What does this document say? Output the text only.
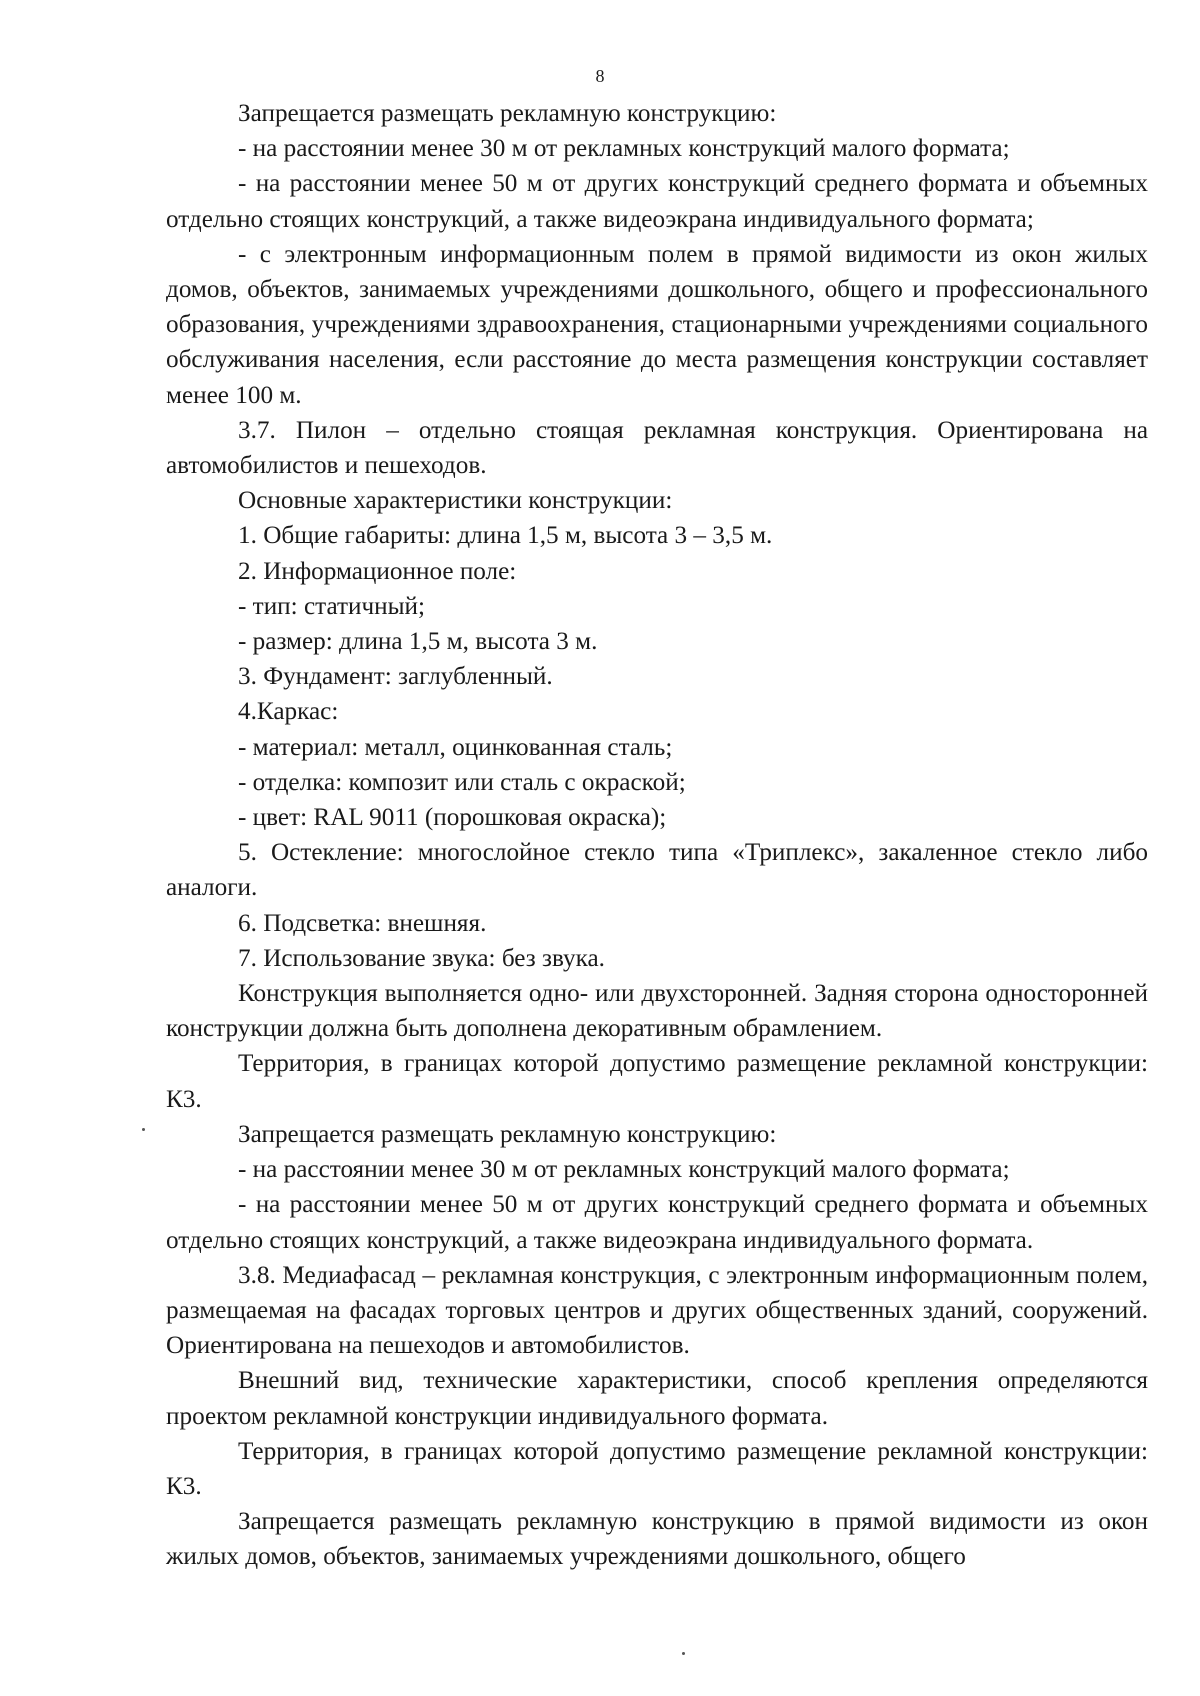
8

Запрещается размещать рекламную конструкцию:

- на расстоянии менее 30 м от рекламных конструкций малого формата;

- на расстоянии менее 50 м от других конструкций среднего формата и объемных отдельно стоящих конструкций, а также видеоэкрана индивидуального формата;

- с электронным информационным полем в прямой видимости из окон жилых домов, объектов, занимаемых учреждениями дошкольного, общего и профессионального образования, учреждениями здравоохранения, стационарными учреждениями социального обслуживания населения, если расстояние до места размещения конструкции составляет менее 100 м.

3.7. Пилон – отдельно стоящая рекламная конструкция. Ориентирована на автомобилистов и пешеходов.

Основные характеристики конструкции:

1. Общие габариты: длина 1,5 м, высота 3 – 3,5 м.

2. Информационное поле:

- тип: статичный;

- размер: длина 1,5 м, высота 3 м.

3. Фундамент: заглубленный.

4.Каркас:

- материал: металл, оцинкованная сталь;

- отделка: композит или сталь с окраской;

- цвет: RAL 9011 (порошковая окраска);

5. Остекление: многослойное стекло типа «Триплекс», закаленное стекло либо аналоги.

6. Подсветка: внешняя.

7. Использование звука: без звука.

Конструкция выполняется одно- или двухсторонней. Задняя сторона односторонней конструкции должна быть дополнена декоративным обрамлением.

Территория, в границах которой допустимо размещение рекламной конструкции: К3.

Запрещается размещать рекламную конструкцию:

- на расстоянии менее 30 м от рекламных конструкций малого формата;

- на расстоянии менее 50 м от других конструкций среднего формата и объемных отдельно стоящих конструкций, а также видеоэкрана индивидуального формата.

3.8. Медиафасад – рекламная конструкция, с электронным информационным полем, размещаемая на фасадах торговых центров и других общественных зданий, сооружений. Ориентирована на пешеходов и автомобилистов.

Внешний вид, технические характеристики, способ крепления определяются проектом рекламной конструкции индивидуального формата.

Территория, в границах которой допустимо размещение рекламной конструкции: К3.

Запрещается размещать рекламную конструкцию в прямой видимости из окон жилых домов, объектов, занимаемых учреждениями дошкольного, общего
